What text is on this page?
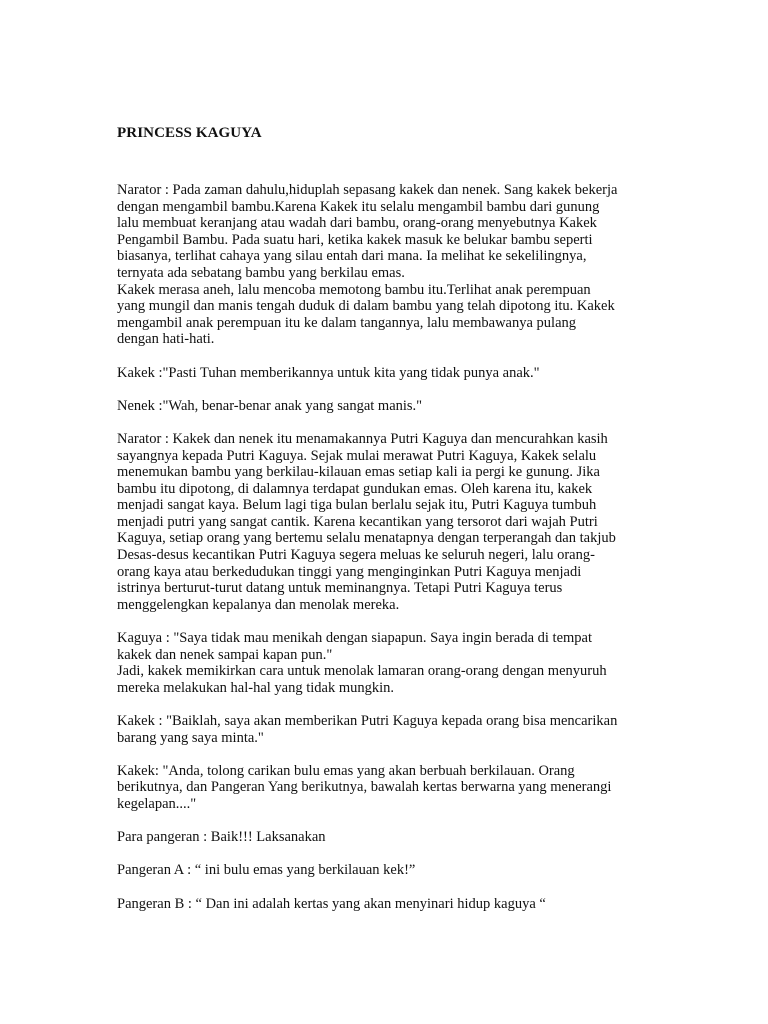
PRINCESS KAGUYA

Narator : Pada zaman dahulu,hiduplah sepasang kakek dan nenek. Sang kakek bekerja
dengan mengambil bambu.Karena Kakek itu selalu mengambil bambu dari gunung
lalu membuat keranjang atau wadah dari bambu, orang-orang menyebutnya Kakek
Pengambil Bambu. Pada suatu hari, ketika kakek masuk ke belukar bambu seperti
biasanya, terlihat cahaya yang silau entah dari mana. Ia melihat ke sekelilingnya,
ternyata ada sebatang bambu yang berkilau emas.
Kakek merasa aneh, lalu mencoba memotong bambu itu.Terlihat anak perempuan
yang mungil dan manis tengah duduk di dalam bambu yang telah dipotong itu. Kakek
mengambil anak perempuan itu ke dalam tangannya, lalu membawanya pulang
dengan hati-hati.

Kakek :"Pasti Tuhan memberikannya untuk kita yang tidak punya anak."

Nenek :"Wah, benar-benar anak yang sangat manis."

Narator : Kakek dan nenek itu menamakannya Putri Kaguya dan mencurahkan kasih
sayangnya kepada Putri Kaguya. Sejak mulai merawat Putri Kaguya, Kakek selalu
menemukan bambu yang berkilau-kilauan emas setiap kali ia pergi ke gunung. Jika
bambu itu dipotong, di dalamnya terdapat gundukan emas. Oleh karena itu, kakek
menjadi sangat kaya. Belum lagi tiga bulan berlalu sejak itu, Putri Kaguya tumbuh
menjadi putri yang sangat cantik. Karena kecantikan yang tersorot dari wajah Putri
Kaguya, setiap orang yang bertemu selalu menatapnya dengan terperangah dan takjub
Desas-desus kecantikan Putri Kaguya segera meluas ke seluruh negeri, lalu orang-
orang kaya atau berkedudukan tinggi yang menginginkan Putri Kaguya menjadi
istrinya berturut-turut datang untuk meminangnya. Tetapi Putri Kaguya terus
menggelengkan kepalanya dan menolak mereka.

Kaguya : "Saya tidak mau menikah dengan siapapun. Saya ingin berada di tempat
kakek dan nenek sampai kapan pun."
Jadi, kakek memikirkan cara untuk menolak lamaran orang-orang dengan menyuruh
mereka melakukan hal-hal yang tidak mungkin.

Kakek : "Baiklah, saya akan memberikan Putri Kaguya kepada orang bisa mencarikan
barang yang saya minta."

Kakek: "Anda, tolong carikan bulu emas yang akan berbuah berkilauan. Orang
berikutnya, dan Pangeran Yang berikutnya, bawalah kertas berwarna yang menerangi
kegelapan...."

Para pangeran : Baik!!! Laksanakan

Pangeran A : “ ini bulu emas yang berkilauan kek!”

Pangeran B : “ Dan ini adalah kertas yang akan menyinari hidup kaguya “
